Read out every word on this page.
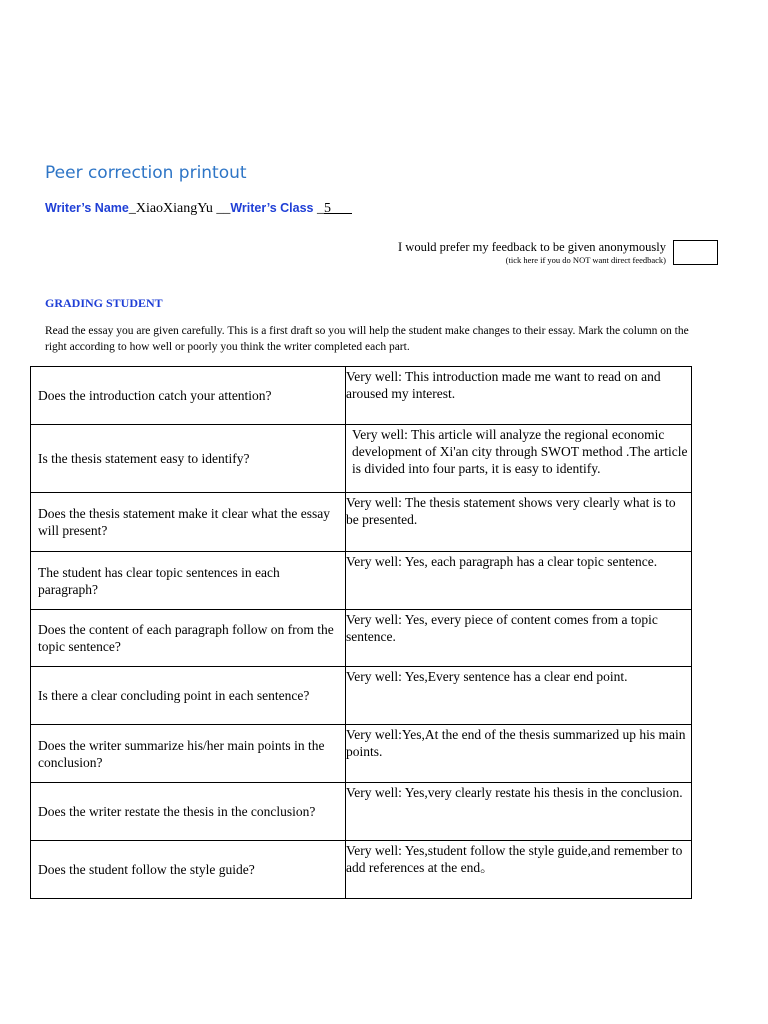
Peer correction printout
Writer’s Name_XiaoXiangYu __Writer’s Class _5
I would prefer my feedback to be given anonymously
(tick here if you do NOT want direct feedback)
GRADING STUDENT
Read the essay you are given carefully. This is a first draft so you will help the student make changes to their essay. Mark the column on the right according to how well or poorly you think the writer completed each part.
Does the introduction catch your attention?	Very well: This introduction made me want to read on and aroused my interest.
Is the thesis statement easy to identify?	Very well: This article will analyze the regional economic development of Xi'an city through SWOT method .The article is divided into four parts, it is easy to identify.
Does the thesis statement make it clear what the essay will present?	Very well: The thesis statement shows very clearly what is to be presented.
The student has clear topic sentences in each paragraph?	Very well: Yes, each paragraph has a clear topic sentence.
Does the content of each paragraph follow on from the topic sentence?	Very well: Yes, every piece of content comes from a topic sentence.
Is there a clear concluding point in each sentence?	Very well: Yes,Every sentence has a clear end point.
Does the writer summarize his/her main points in the conclusion?	Very well:Yes,At the end of the thesis summarized up his main points.
Does the writer restate the thesis in the conclusion?	Very well: Yes,very clearly restate his thesis in the conclusion.
Does the student follow the style guide?	Very well: Yes,student follow the style guide,and remember to add references at the end。
